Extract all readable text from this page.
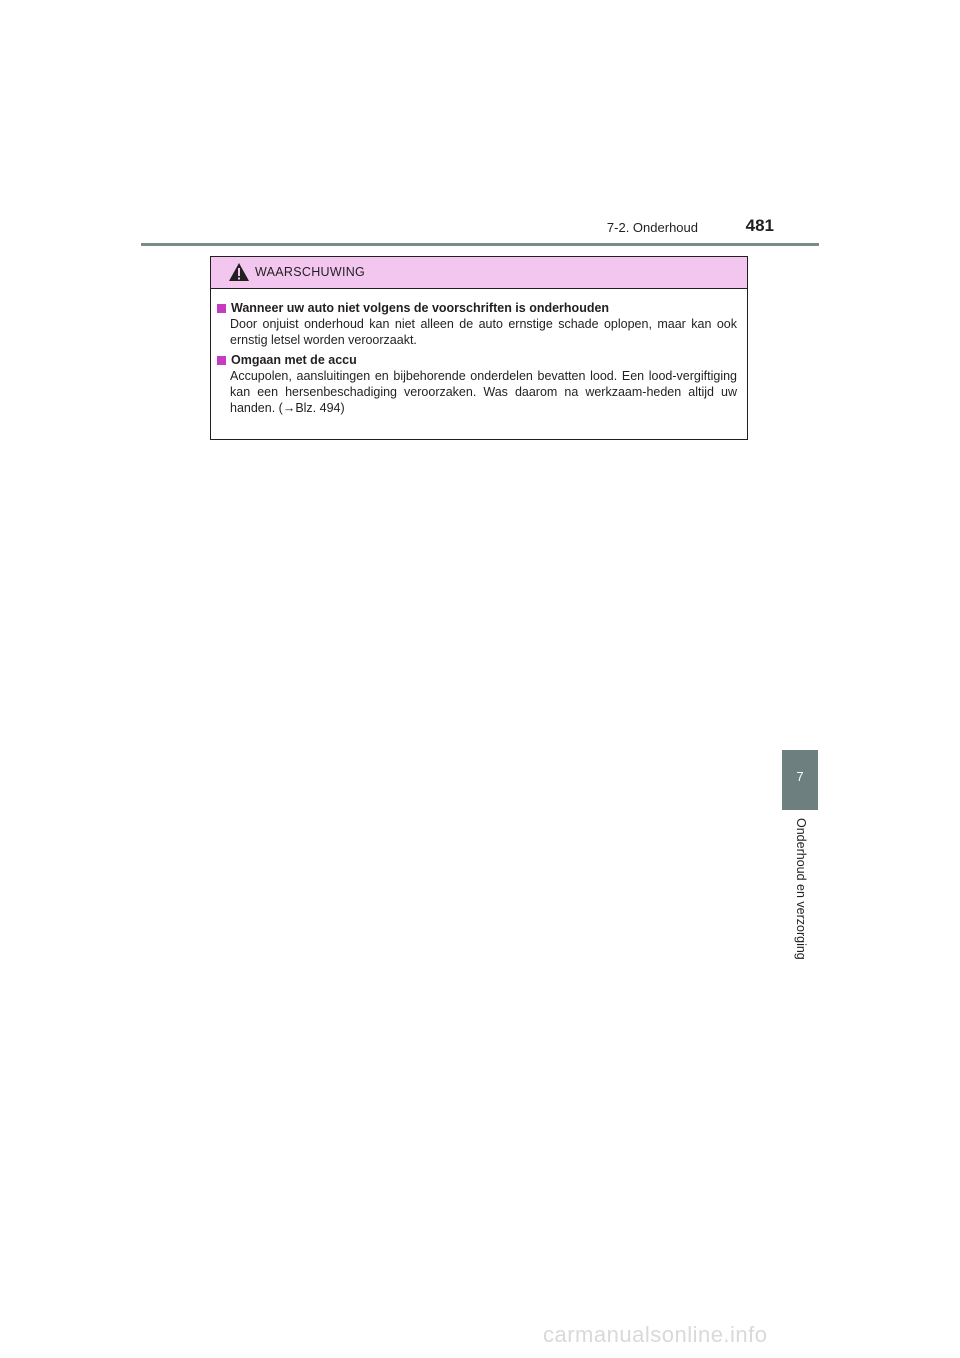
7-2. Onderhoud	481
WAARSCHUWING
Wanneer uw auto niet volgens de voorschriften is onderhouden
Door onjuist onderhoud kan niet alleen de auto ernstige schade oplopen, maar kan ook ernstig letsel worden veroorzaakt.
Omgaan met de accu
Accupolen, aansluitingen en bijbehorende onderdelen bevatten lood. Een lood-vergiftiging kan een hersenbeschadiging veroorzaken. Was daarom na werkzaam-heden altijd uw handen. (→Blz. 494)
7
Onderhoud en verzorging
carmanualsonline.info
